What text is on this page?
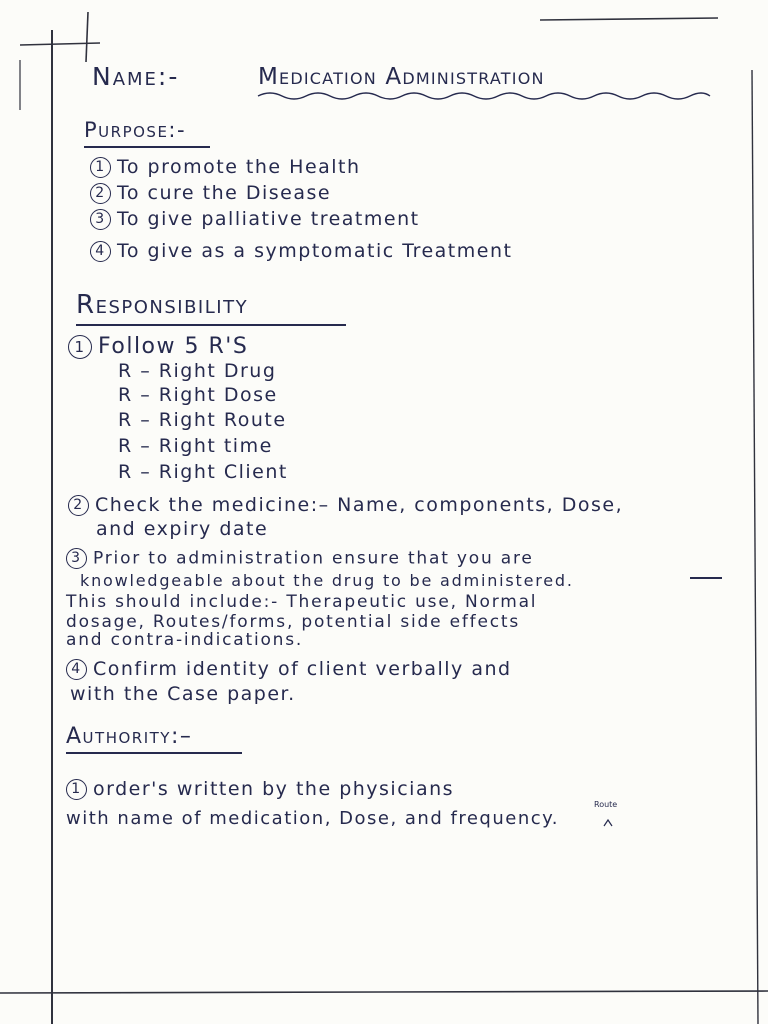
Name:-	Medication Administration
Purpose:-
1 To promote the Health
2 To cure the Disease
3 To give palliative treatment
4 To give as a symptomatic Treatment
Responsibility
1 Follow 5 R'S
R – Right Drug
R – Right Dose
R – Right Route
R – Right time
R – Right Client
2 Check the medicine:– Name, components, Dose,
and expiry date
3 Prior to administration ensure that you are
knowledgeable about the drug to be administered.
This should include:- Therapeutic use, Normal
dosage, Routes/forms, potential side effects
and contra-indications.
4 Confirm identity of client verbally and
with the Case paper.
Authority:–
1 order's written by the physicians
Route
with name of medication, Dose, and frequency.
